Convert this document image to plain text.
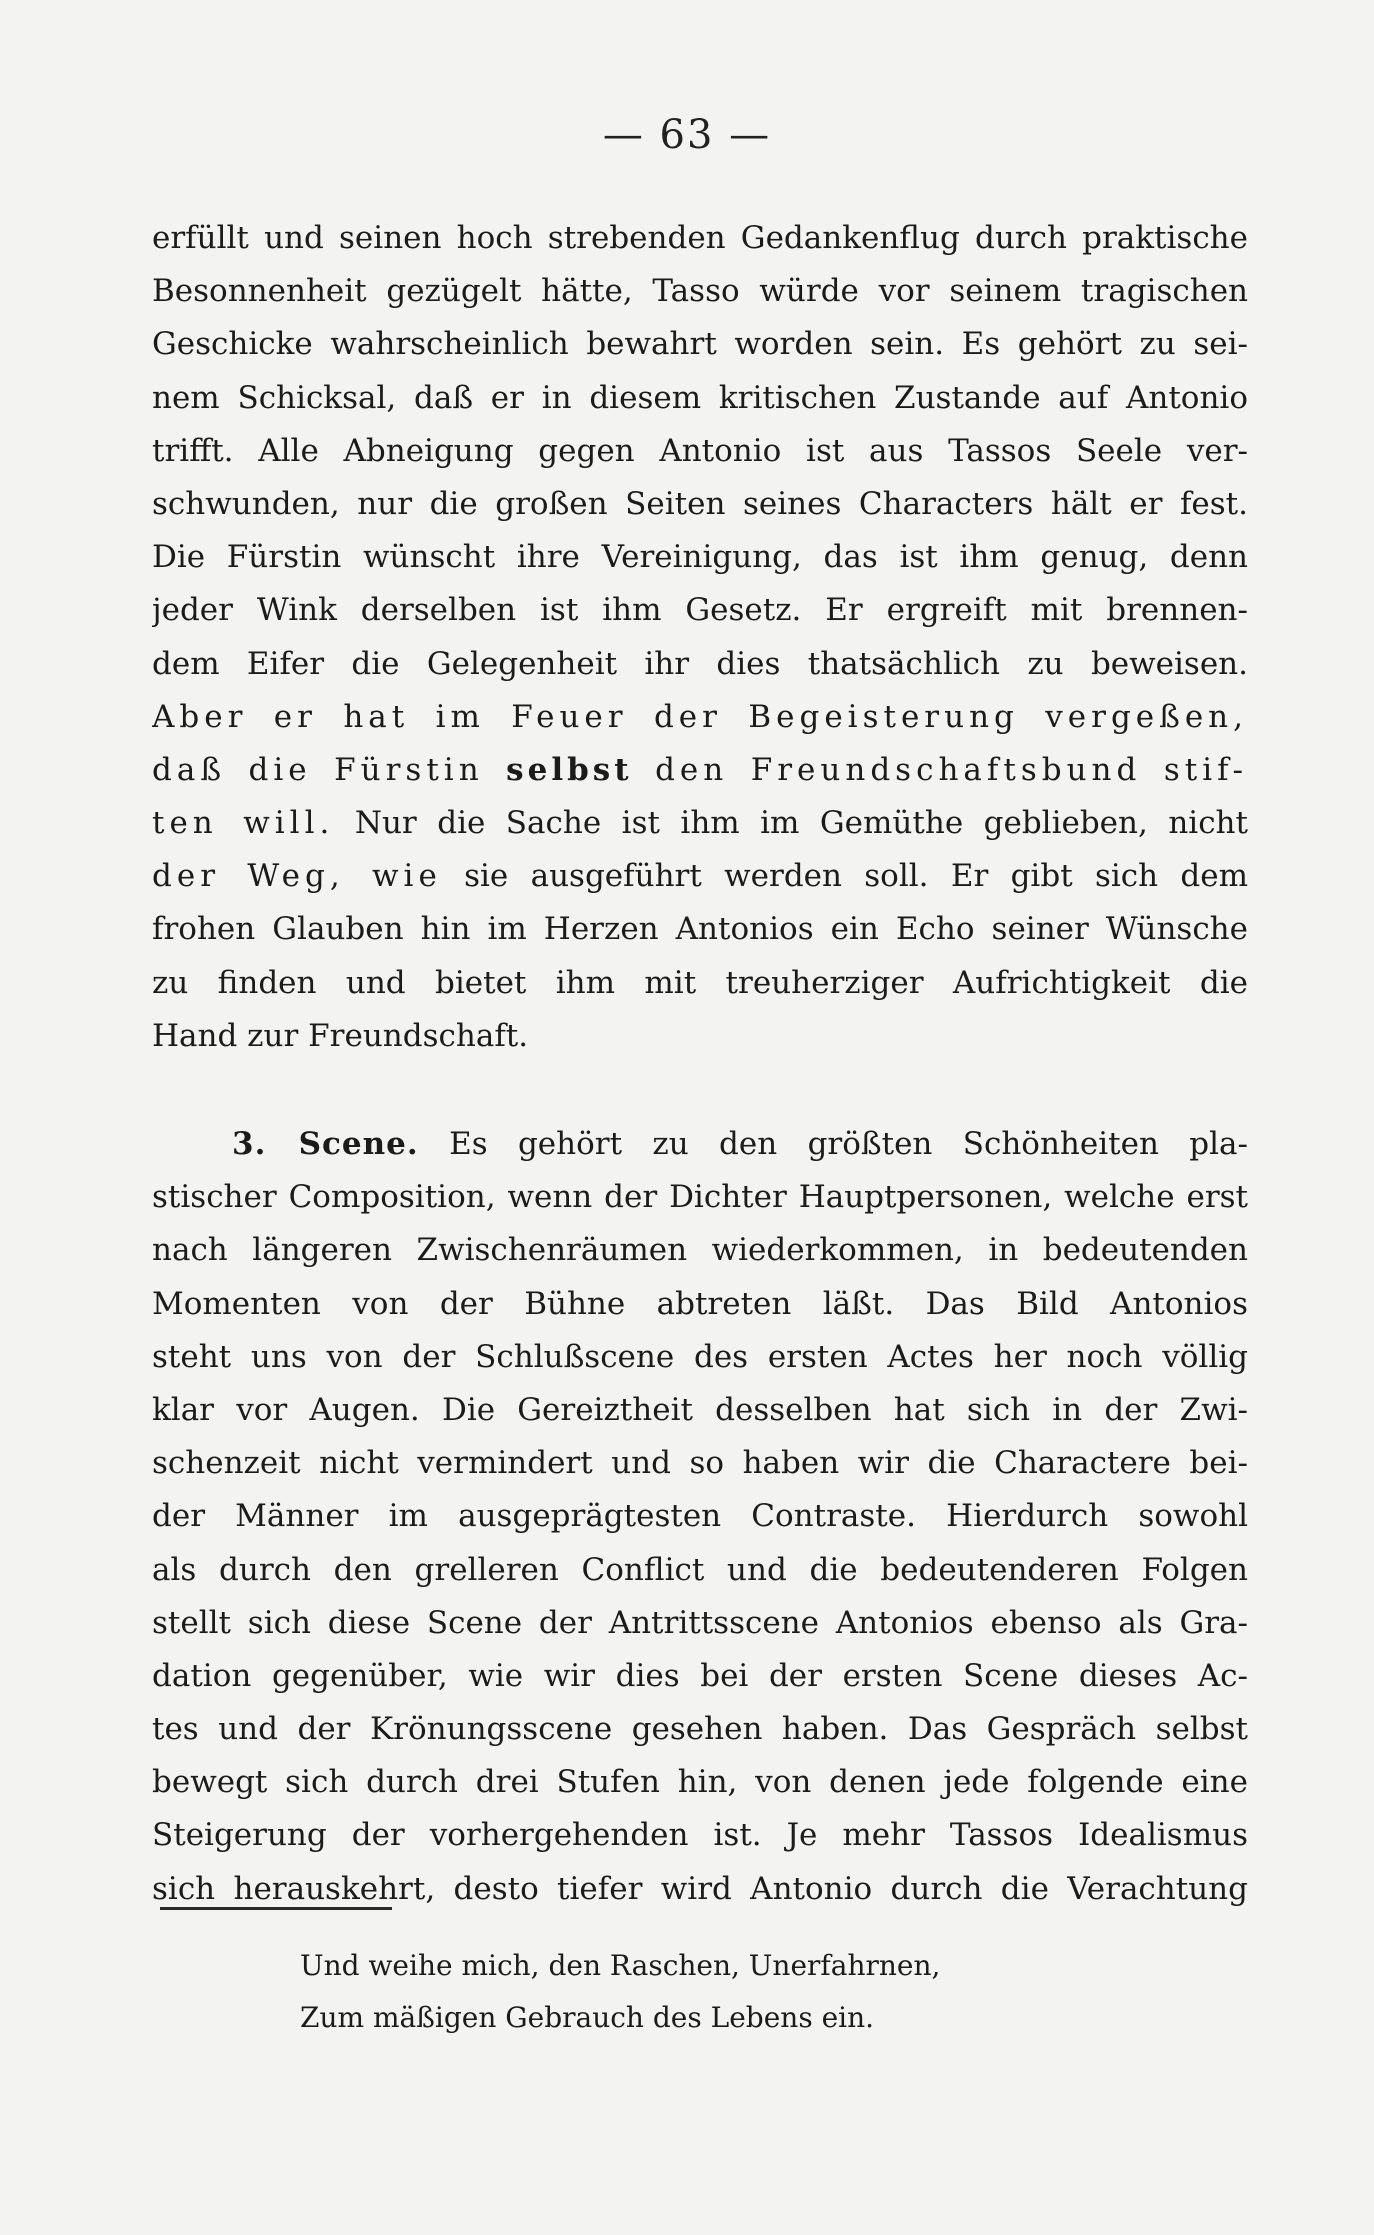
— 63 —
erfüllt und seinen hoch strebenden Gedankenflug durch praktische
Besonnenheit gezügelt hätte, Tasso würde vor seinem tragischen
Geschicke wahrscheinlich bewahrt worden sein. Es gehört zu sei-
nem Schicksal, daß er in diesem kritischen Zustande auf Antonio
trifft. Alle Abneigung gegen Antonio ist aus Tassos Seele ver-
schwunden, nur die großen Seiten seines Characters hält er fest.
Die Fürstin wünscht ihre Vereinigung, das ist ihm genug, denn
jeder Wink derselben ist ihm Gesetz. Er ergreift mit brennen-
dem Eifer die Gelegenheit ihr dies thatsächlich zu beweisen.
Aber er hat im Feuer der Begeisterung vergeßen,
daß die Fürstin selbst den Freundschaftsbund stif-
ten will. Nur die Sache ist ihm im Gemüthe geblieben, nicht
der Weg, wie sie ausgeführt werden soll. Er gibt sich dem
frohen Glauben hin im Herzen Antonios ein Echo seiner Wünsche
zu finden und bietet ihm mit treuherziger Aufrichtigkeit die
Hand zur Freundschaft.
3. Scene. Es gehört zu den größten Schönheiten pla-
stischer Composition, wenn der Dichter Hauptpersonen, welche erst
nach längeren Zwischenräumen wiederkommen, in bedeutenden
Momenten von der Bühne abtreten läßt. Das Bild Antonios
steht uns von der Schlußscene des ersten Actes her noch völlig
klar vor Augen. Die Gereiztheit desselben hat sich in der Zwi-
schenzeit nicht vermindert und so haben wir die Charactere bei-
der Männer im ausgeprägtesten Contraste. Hierdurch sowohl
als durch den grelleren Conflict und die bedeutenderen Folgen
stellt sich diese Scene der Antrittsscene Antonios ebenso als Gra-
dation gegenüber, wie wir dies bei der ersten Scene dieses Ac-
tes und der Krönungsscene gesehen haben. Das Gespräch selbst
bewegt sich durch drei Stufen hin, von denen jede folgende eine
Steigerung der vorhergehenden ist. Je mehr Tassos Idealismus
sich herauskehrt, desto tiefer wird Antonio durch die Verachtung
Und weihe mich, den Raschen, Unerfahrnen,
Zum mäßigen Gebrauch des Lebens ein.
